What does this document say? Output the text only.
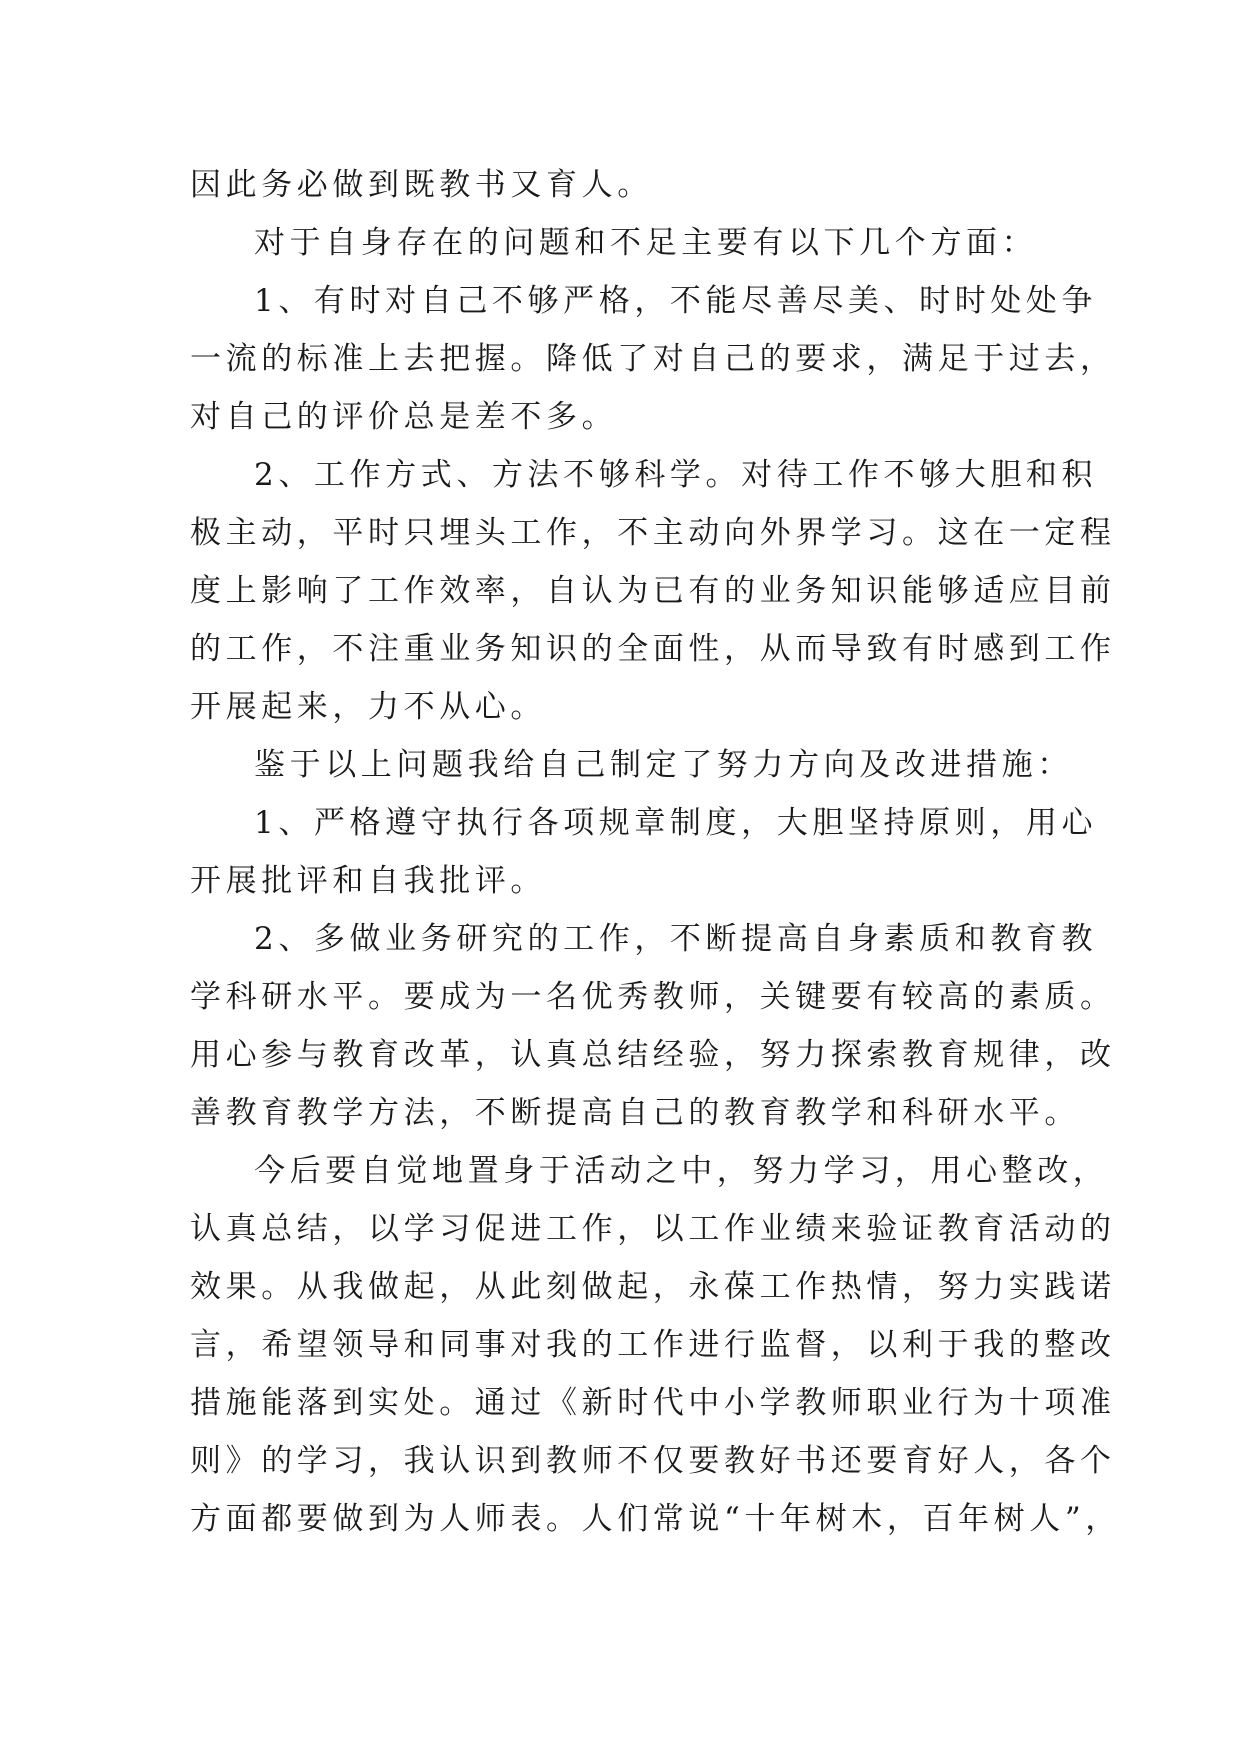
因此务必做到既教书又育人。
对于自身存在的问题和不足主要有以下几个方面：
1、有时对自己不够严格，不能尽善尽美、时时处处争
一流的标准上去把握。降低了对自己的要求，满足于过去，
对自己的评价总是差不多。
2、工作方式、方法不够科学。对待工作不够大胆和积
极主动，平时只埋头工作，不主动向外界学习。这在一定程
度上影响了工作效率，自认为已有的业务知识能够适应目前
的工作，不注重业务知识的全面性，从而导致有时感到工作
开展起来，力不从心。
鉴于以上问题我给自己制定了努力方向及改进措施：
1、严格遵守执行各项规章制度，大胆坚持原则，用心
开展批评和自我批评。
2、多做业务研究的工作，不断提高自身素质和教育教
学科研水平。要成为一名优秀教师，关键要有较高的素质。
用心参与教育改革，认真总结经验，努力探索教育规律，改
善教育教学方法，不断提高自己的教育教学和科研水平。
今后要自觉地置身于活动之中，努力学习，用心整改，
认真总结，以学习促进工作，以工作业绩来验证教育活动的
效果。从我做起，从此刻做起，永葆工作热情，努力实践诺
言，希望领导和同事对我的工作进行监督，以利于我的整改
措施能落到实处。通过《新时代中小学教师职业行为十项准
则》的学习，我认识到教师不仅要教好书还要育好人，各个
方面都要做到为人师表。人们常说“十年树木，百年树人”，
